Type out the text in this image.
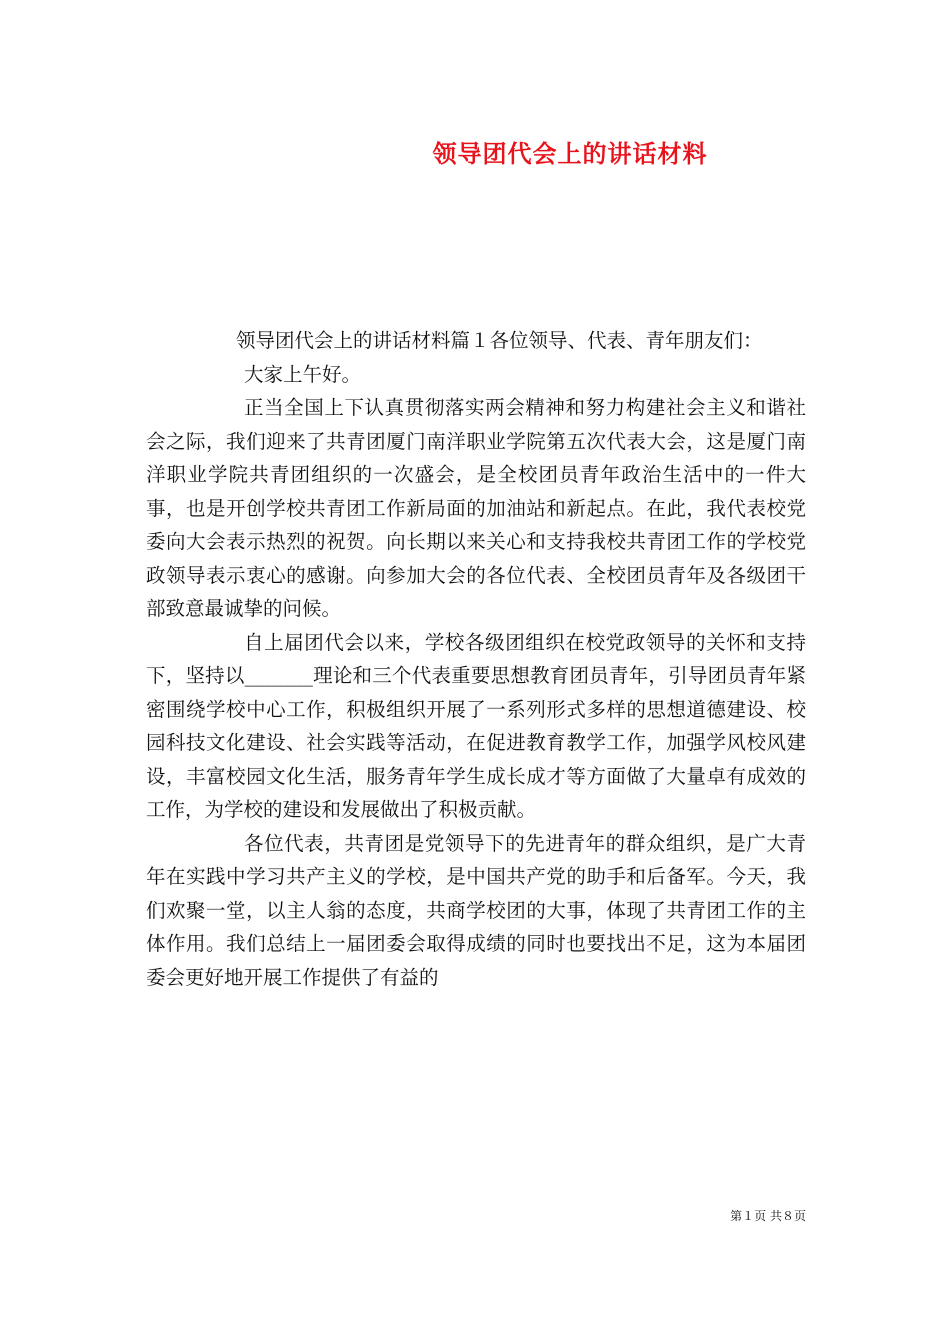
领导团代会上的讲话材料

领导团代会上的讲话材料篇１各位领导、代表、青年朋友们：

大家上午好。

正当全国上下认真贯彻落实两会精神和努力构建社会主义和谐社会之际，我们迎来了共青团厦门南洋职业学院第五次代表大会，这是厦门南洋职业学院共青团组织的一次盛会，是全校团员青年政治生活中的一件大事，也是开创学校共青团工作新局面的加油站和新起点。在此，我代表校党委向大会表示热烈的祝贺。向长期以来关心和支持我校共青团工作的学校党政领导表示衷心的感谢。向参加大会的各位代表、全校团员青年及各级团干部致意最诚挚的问候。

自上届团代会以来，学校各级团组织在校党政领导的关怀和支持下，坚持以_______理论和三个代表重要思想教育团员青年，引导团员青年紧密围绕学校中心工作，积极组织开展了一系列形式多样的思想道德建设、校园科技文化建设、社会实践等活动，在促进教育教学工作，加强学风校风建设，丰富校园文化生活，服务青年学生成长成才等方面做了大量卓有成效的工作，为学校的建设和发展做出了积极贡献。

各位代表，共青团是党领导下的先进青年的群众组织，是广大青年在实践中学习共产主义的学校，是中国共产党的助手和后备军。今天，我们欢聚一堂，以主人翁的态度，共商学校团的大事，体现了共青团工作的主体作用。我们总结上一届团委会取得成绩的同时也要找出不足，这为本届团委会更好地开展工作提供了有益的

第１页 共８页
